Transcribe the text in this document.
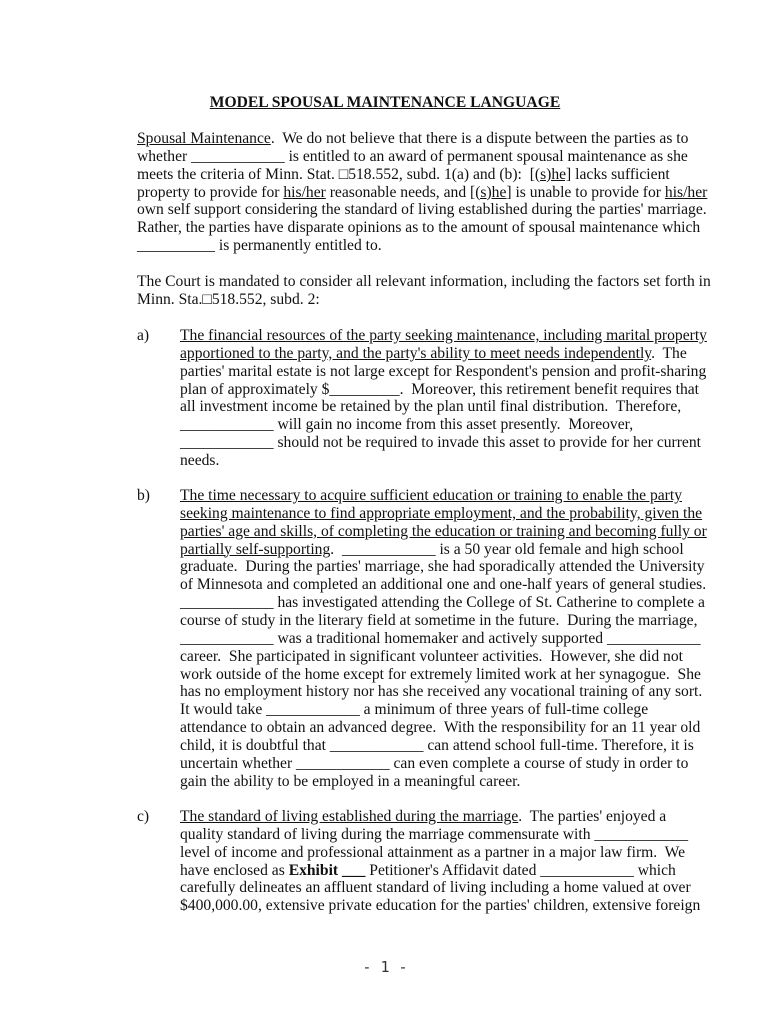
MODEL SPOUSAL MAINTENANCE LANGUAGE
Spousal Maintenance.  We do not believe that there is a dispute between the parties as to
whether ____________ is entitled to an award of permanent spousal maintenance as she
meets the criteria of Minn. Stat. □518.552, subd. 1(a) and (b):  [(s)he] lacks sufficient
property to provide for his/her reasonable needs, and [(s)he] is unable to provide for his/her
own self support considering the standard of living established during the parties' marriage.
Rather, the parties have disparate opinions as to the amount of spousal maintenance which
__________ is permanently entitled to.
The Court is mandated to consider all relevant information, including the factors set forth in
Minn. Sta.□518.552, subd. 2:
a) The financial resources of the party seeking maintenance, including marital property
apportioned to the party, and the party's ability to meet needs independently.  The
parties' marital estate is not large except for Respondent's pension and profit-sharing
plan of approximately $_________.  Moreover, this retirement benefit requires that
all investment income be retained by the plan until final distribution.  Therefore,
____________ will gain no income from this asset presently.  Moreover,
____________ should not be required to invade this asset to provide for her current
needs.
b) The time necessary to acquire sufficient education or training to enable the party
seeking maintenance to find appropriate employment, and the probability, given the
parties' age and skills, of completing the education or training and becoming fully or
partially self-supporting.  ____________ is a 50 year old female and high school
graduate.  During the parties' marriage, she had sporadically attended the University
of Minnesota and completed an additional one and one-half years of general studies.
____________ has investigated attending the College of St. Catherine to complete a
course of study in the literary field at sometime in the future.  During the marriage,
____________ was a traditional homemaker and actively supported ____________
career.  She participated in significant volunteer activities.  However, she did not
work outside of the home except for extremely limited work at her synagogue.  She
has no employment history nor has she received any vocational training of any sort.
It would take ____________ a minimum of three years of full-time college
attendance to obtain an advanced degree.  With the responsibility for an 11 year old
child, it is doubtful that ____________ can attend school full-time. Therefore, it is
uncertain whether ____________ can even complete a course of study in order to
gain the ability to be employed in a meaningful career.
c) The standard of living established during the marriage.  The parties' enjoyed a
quality standard of living during the marriage commensurate with ____________
level of income and professional attainment as a partner in a major law firm.  We
have enclosed as Exhibit ___ Petitioner's Affidavit dated ____________ which
carefully delineates an affluent standard of living including a home valued at over
$400,000.00, extensive private education for the parties' children, extensive foreign
- 1 -
